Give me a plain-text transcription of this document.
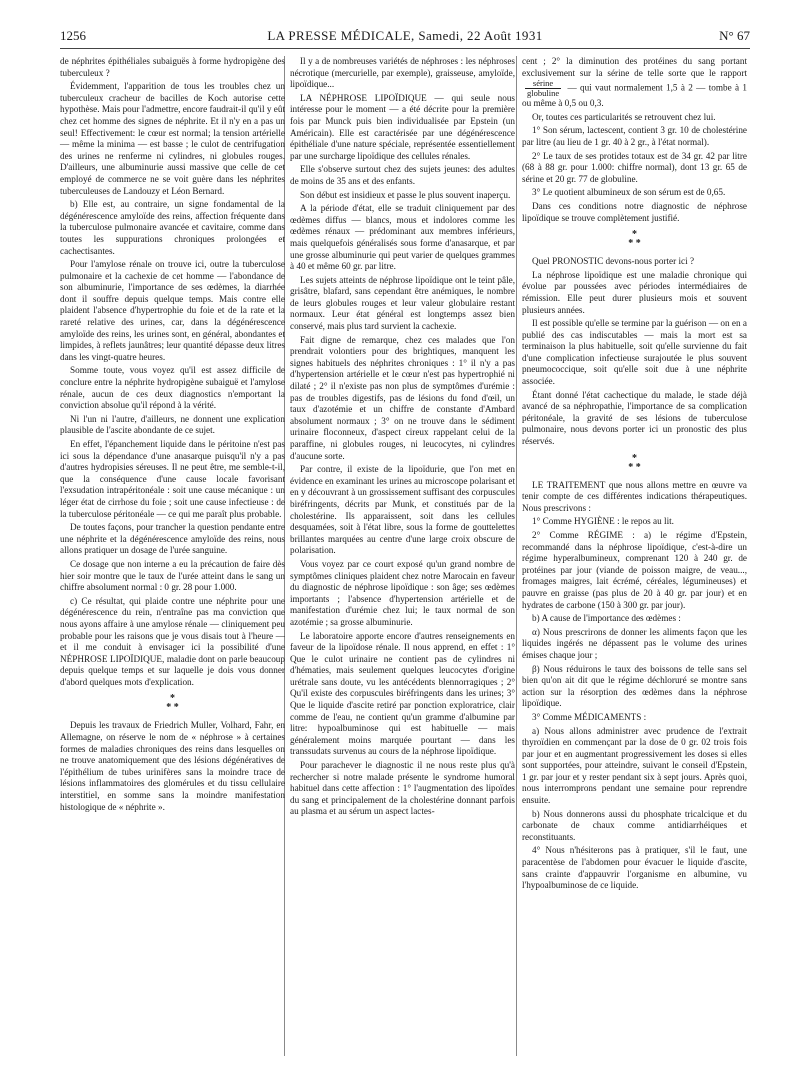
1256	LA PRESSE MÉDICALE, Samedi, 22 Août 1931	N° 67

de néphrites épithéliales subaiguës à forme hydropigène des tuberculeux ?

Évidemment, l'apparition de tous les troubles chez un tuberculeux cracheur de bacilles de Koch autorise cette hypothèse. Mais pour l'admettre, encore faudrait-il qu'il y eût chez cet homme des signes de néphrite. Et il n'y en a pas un seul! Effectivement: le cœur est normal; la tension artérielle — même la minima — est basse ; le culot de centrifugation des urines ne renferme ni cylindres, ni globules rouges. D'ailleurs, une albuminurie aussi massive que celle de cet employé de commerce ne se voit guère dans les néphrites tuberculeuses de Landouzy et Léon Bernard.

b) Elle est, au contraire, un signe fondamental de la dégénérescence amyloïde des reins, affection fréquente dans la tuberculose pulmonaire avancée et cavitaire, comme dans toutes les suppurations chroniques prolongées et cachectisantes.

Pour l'amylose rénale on trouve ici, outre la tuberculose pulmonaire et la cachexie de cet homme — l'abondance de son albuminurie, l'importance de ses œdèmes, la diarrhée dont il souffre depuis quelque temps. Mais contre elle plaident l'absence d'hypertrophie du foie et de la rate et la rareté relative des urines, car, dans la dégénérescence amyloïde des reins, les urines sont, en général, abondantes et limpides, à reflets jaunâtres; leur quantité dépasse deux litres dans les vingt-quatre heures.

Somme toute, vous voyez qu'il est assez difficile de conclure entre la néphrite hydropigène subaiguë et l'amylose rénale, aucun de ces deux diagnostics n'emportant la conviction absolue qu'il répond à la vérité.

Ni l'un ni l'autre, d'ailleurs, ne donnent une explication plausible de l'ascite abondante de ce sujet.

En effet, l'épanchement liquide dans le péritoine n'est pas ici sous la dépendance d'une anasarque puisqu'il n'y a pas d'autres hydropisies séreuses. Il ne peut être, me semble-t-il, que la conséquence d'une cause locale favorisant l'exsudation intrapéritonéale : soit une cause mécanique : un léger état de cirrhose du foie ; soit une cause infectieuse : de la tuberculose péritonéale — ce qui me paraît plus probable.

De toutes façons, pour trancher la question pendante entre une néphrite et la dégénérescence amyloïde des reins, nous allons pratiquer un dosage de l'urée sanguine.

Ce dosage que non interne a eu la précaution de faire dès hier soir montre que le taux de l'urée atteint dans le sang un chiffre absolument normal : 0 gr. 28 pour 1.000.

c) Ce résultat, qui plaide contre une néphrite pour une dégénérescence du rein, n'entraîne pas ma conviction que nous ayons affaire à une amylose rénale — cliniquement peu probable pour les raisons que je vous disais tout à l'heure — et il me conduit à envisager ici la possibilité d'une NÉPHROSE LIPOÏDIQUE, maladie dont on parle beaucoup depuis quelque temps et sur laquelle je dois vous donner d'abord quelques mots d'explication.

*
* *

Depuis les travaux de Friedrich Muller, Volhard, Fahr, en Allemagne, on réserve le nom de « néphrose » à certaines formes de maladies chroniques des reins dans lesquelles on ne trouve anatomiquement que des lésions dégénératives de l'épithélium de tubes urinifères sans la moindre trace de lésions inflammatoires des glomérules et du tissu cellulaire interstitiel, en somme sans la moindre manifestation histologique de « néphrite ».

Il y a de nombreuses variétés de néphroses : les néphroses nécrotique (mercurielle, par exemple), graisseuse, amyloïde, lipoïdique...

LA NÉPHROSE LIPOÏDIQUE — qui seule nous intéresse pour le moment — a été décrite pour la première fois par Munck puis bien individualisée par Epstein (un Américain). Elle est caractérisée par une dégénérescence épithéliale d'une nature spéciale, représentée essentiellement par une surcharge lipoïdique des cellules rénales.

Elle s'observe surtout chez des sujets jeunes: des adultes de moins de 35 ans et des enfants.

Son début est insidieux et passe le plus souvent inaperçu.

A la période d'état, elle se traduit cliniquement par des œdèmes diffus — blancs, mous et indolores comme les œdèmes rénaux — prédominant aux membres inférieurs, mais quelquefois généralisés sous forme d'anasarque, et par une grosse albuminurie qui peut varier de quelques grammes à 40 et même 60 gr. par litre.

Les sujets atteints de néphrose lipoïdique ont le teint pâle, grisâtre, blafard, sans cependant être anémiques, le nombre de leurs globules rouges et leur valeur globulaire restant normaux. Leur état général est longtemps assez bien conservé, mais plus tard survient la cachexie.

Fait digne de remarque, chez ces malades que l'on prendrait volontiers pour des brightiques, manquent les signes habituels des néphrites chroniques : 1° il n'y a pas d'hypertension artérielle et le cœur n'est pas hypertrophié ni dilaté ; 2° il n'existe pas non plus de symptômes d'urémie : pas de troubles digestifs, pas de lésions du fond d'œil, un taux d'azotémie et un chiffre de constante d'Ambard absolument normaux ; 3° on ne trouve dans le sédiment urinaire floconneux, d'aspect cireux rappelant celui de la paraffine, ni globules rouges, ni leucocytes, ni cylindres d'aucune sorte.

Par contre, il existe de la lipoïdurie, que l'on met en évidence en examinant les urines au microscope polarisant et en y découvrant à un grossissement suffisant des corpuscules biréfringents, décrits par Munk, et constitués par de la cholestérine. Ils apparaissent, soit dans les cellules desquamées, soit à l'état libre, sous la forme de gouttelettes brillantes marquées au centre d'une large croix obscure de polarisation.

Vous voyez par ce court exposé qu'un grand nombre de symptômes cliniques plaident chez notre Marocain en faveur du diagnostic de néphrose lipoïdique : son âge; ses œdèmes importants ; l'absence d'hypertension artérielle et de manifestation d'urémie chez lui; le taux normal de son azotémie ; sa grosse albuminurie.

Le laboratoire apporte encore d'autres renseignements en faveur de la lipoïdose rénale. Il nous apprend, en effet : 1° Que le culot urinaire ne contient pas de cylindres ni d'hématies, mais seulement quelques leucocytes d'origine urétrale sans doute, vu les antécédents blennorragiques ; 2° Qu'il existe des corpuscules biréfringents dans les urines; 3° Que le liquide d'ascite retiré par ponction exploratrice, clair comme de l'eau, ne contient qu'un gramme d'albumine par litre: hypoalbuminose qui est habituelle — mais généralement moins marquée pourtant — dans les transsudats survenus au cours de la néphrose lipoïdique.

Pour parachever le diagnostic il ne nous reste plus qu'à rechercher si notre malade présente le syndrome humoral habituel dans cette affection : 1° l'augmentation des lipoïdes du sang et principalement de la cholestérine donnant parfois au plasma et au sérum un aspect lactes-

cent ; 2° la diminution des protéines du sang portant exclusivement sur la sérine de telle sorte que le rapport
$\frac{\text{sérine}}{\text{globuline}}$ — qui vaut normalement 1,5 à 2 — tombe à 1 ou même à 0,5 ou 0,3.

Or, toutes ces particularités se retrouvent chez lui.

1° Son sérum, lactescent, contient 3 gr. 10 de cholestérine par litre (au lieu de 1 gr. 40 à 2 gr., à l'état normal).

2° Le taux de ses protides totaux est de 34 gr. 42 par litre (68 à 88 gr. pour 1.000: chiffre normal), dont 13 gr. 65 de sérine et 20 gr. 77 de globuline.

3° Le quotient albumineux de son sérum est de 0,65.

Dans ces conditions notre diagnostic de néphrose lipoïdique se trouve complètement justifié.

*
* *

Quel PRONOSTIC devons-nous porter ici ?

La néphrose lipoïdique est une maladie chronique qui évolue par poussées avec périodes intermédiaires de rémission. Elle peut durer plusieurs mois et souvent plusieurs années.

Il est possible qu'elle se termine par la guérison — on en a publié des cas indiscutables — mais la mort est sa terminaison la plus habituelle, soit qu'elle survienne du fait d'une complication infectieuse surajoutée le plus souvent pneumococcique, soit qu'elle soit due à une néphrite associée.

Étant donné l'état cachectique du malade, le stade déjà avancé de sa néphropathie, l'importance de sa complication péritonéale, la gravité de ses lésions de tuberculose pulmonaire, nous devons porter ici un pronostic des plus réservés.

*
* *

LE TRAITEMENT que nous allons mettre en œuvre va tenir compte de ces différentes indications thérapeutiques. Nous prescrivons :

1° Comme HYGIÈNE : le repos au lit.

2° Comme RÉGIME : a) le régime d'Epstein, recommandé dans la néphrose lipoïdique, c'est-à-dire un régime hyperalbumineux, comprenant 120 à 240 gr. de protéines par jour (viande de poisson maigre, de veau..., fromages maigres, lait écrémé, céréales, légumineuses) et pauvre en graisse (pas plus de 20 à 40 gr. par jour) et en hydrates de carbone (150 à 300 gr. par jour).

b) A cause de l'importance des œdèmes :

α) Nous prescrirons de donner les aliments façon que les liquides ingérés ne dépassent pas le volume des urines émises chaque jour ;

β) Nous réduirons le taux des boissons de telle sans sel bien qu'on ait dit que le régime déchloruré se montre sans action sur la résorption des œdèmes dans la néphrose lipoïdique.

3° Comme MÉDICAMENTS :

a) Nous allons administrer avec prudence de l'extrait thyroïdien en commençant par la dose de 0 gr. 02 trois fois par jour et en augmentant progressivement les doses si elles sont supportées, pour atteindre, suivant le conseil d'Epstein, 1 gr. par jour et y rester pendant six à sept jours. Après quoi, nous interromprons pendant une semaine pour reprendre ensuite.

b) Nous donnerons aussi du phosphate tricalcique et du carbonate de chaux comme antidiarrhéiques et reconstituants.

4° Nous n'hésiterons pas à pratiquer, s'il le faut, une paracentèse de l'abdomen pour évacuer le liquide d'ascite, sans crainte d'appauvrir l'organisme en albumine, vu l'hypoalbuminose de ce liquide.
